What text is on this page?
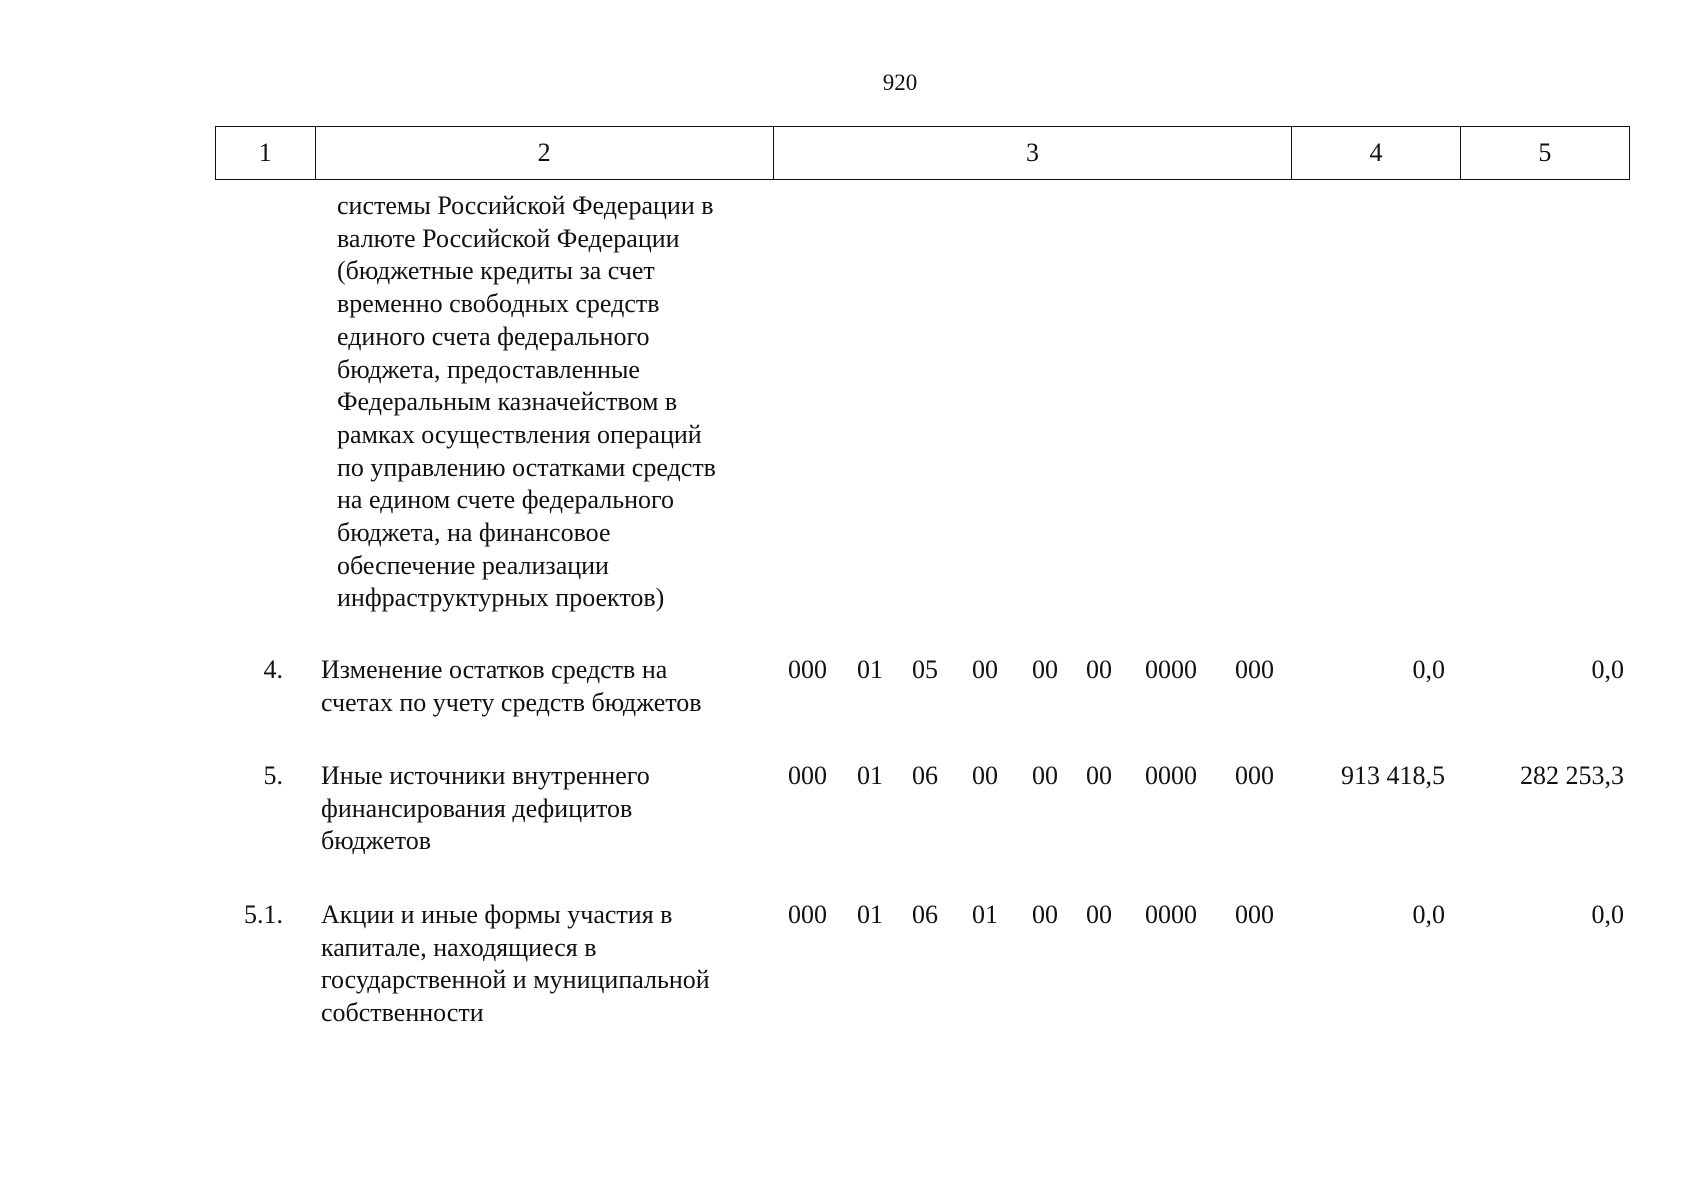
920
1	2	3	4	5
системы Российской Федерации в
валюте Российской Федерации
(бюджетные кредиты за счет
временно свободных средств
единого счета федерального
бюджета, предоставленные
Федеральным казначейством в
рамках осуществления операций
по управлению остатками средств
на едином счете федерального
бюджета, на финансовое
обеспечение реализации
инфраструктурных проектов)
4. Изменение остатков средств на
счетах по учету средств бюджетов
000 01 05 00 00 00 0000 000	0,0	0,0
5. Иные источники внутреннего
финансирования дефицитов
бюджетов
000 01 06 00 00 00 0000 000	913 418,5	282 253,3
5.1. Акции и иные формы участия в
капитале, находящиеся в
государственной и муниципальной
собственности
000 01 06 01 00 00 0000 000	0,0	0,0
